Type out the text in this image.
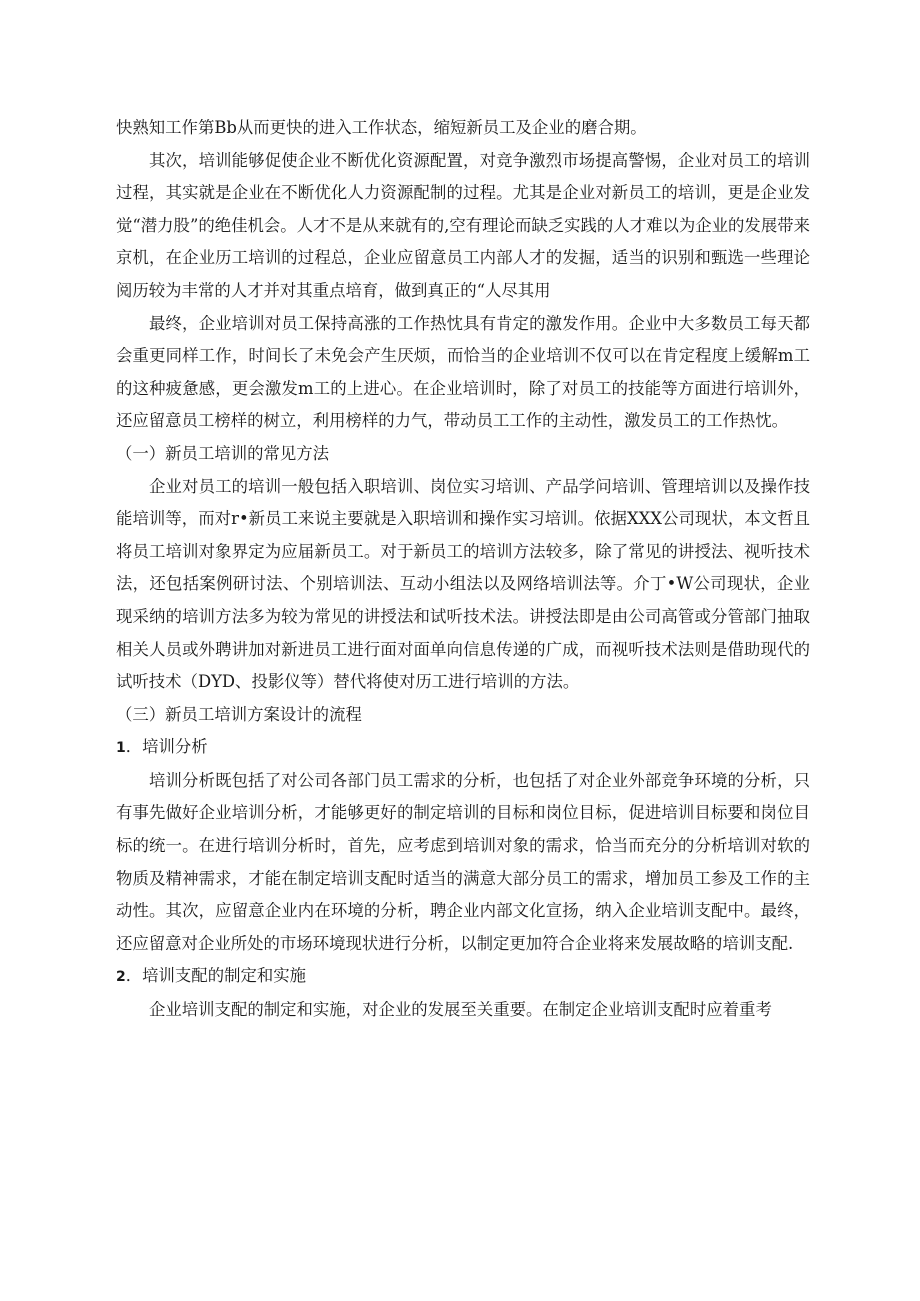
快熟知工作第Bb从而更快的进入工作状态，缩短新员工及企业的磨合期。

其次，培训能够促使企业不断优化资源配置，对竞争激烈市场提高警惕，企业对员工的培训过程，其实就是企业在不断优化人力资源配制的过程。尤其是企业对新员工的培训，更是企业发觉“潜力股”的绝佳机会。人才不是从来就有的,空有理论而缺乏实践的人才难以为企业的发展带来京机，在企业历工培训的过程总，企业应留意员工内部人才的发掘，适当的识别和甄选一些理论阅历较为丰常的人才并对其重点培育，做到真正的“人尽其用

最终，企业培训对员工保持高涨的工作热忱具有肯定的激发作用。企业中大多数员工每天都会重更同样工作，时间长了未免会产生厌烦，而恰当的企业培训不仅可以在肯定程度上缓解m工的这种疲惫感，更会激发m工的上进心。在企业培训时，除了对员工的技能等方面进行培训外，还应留意员工榜样的树立，利用榜样的力气，带动员工工作的主动性，激发员工的工作热忱。

（一）新员工培训的常见方法

企业对员工的培训一般包括入职培训、岗位实习培训、产品学问培训、管理培训以及操作技能培训等，而对r•新员工来说主要就是入职培训和操作实习培训。依据XXX公司现状，本文哲且将员工培训对象界定为应届新员工。对于新员工的培训方法较多，除了常见的讲授法、视听技术法，还包括案例研讨法、个别培训法、互动小组法以及网络培训法等。介丁•W公司现状，企业现采纳的培训方法多为较为常见的讲授法和试听技术法。讲授法即是由公司高管或分管部门抽取相关人员或外聘讲加对新进员工进行面对面单向信息传递的广成，而视听技术法则是借助现代的试听技术（DYD、投影仪等）替代将使对历工进行培训的方法。

（三）新员工培训方案设计的流程

1．培训分析

培训分析既包括了对公司各部门员工需求的分析，也包括了对企业外部竞争环境的分析，只有事先做好企业培训分析，才能够更好的制定培训的目标和岗位目标，促进培训目标要和岗位目标的统一。在进行培训分析时，首先，应考虑到培训对象的需求，恰当而充分的分析培训对软的物质及精神需求，才能在制定培训支配时适当的满意大部分员工的需求，增加员工参及工作的主动性。其次，应留意企业内在环境的分析，聘企业内部文化宣扬，纳入企业培训支配中。最终，还应留意对企业所处的市场环境现状进行分析，以制定更加符合企业将来发展故略的培训支配.

2．培训支配的制定和实施

企业培训支配的制定和实施，对企业的发展至关重要。在制定企业培训支配时应着重考
